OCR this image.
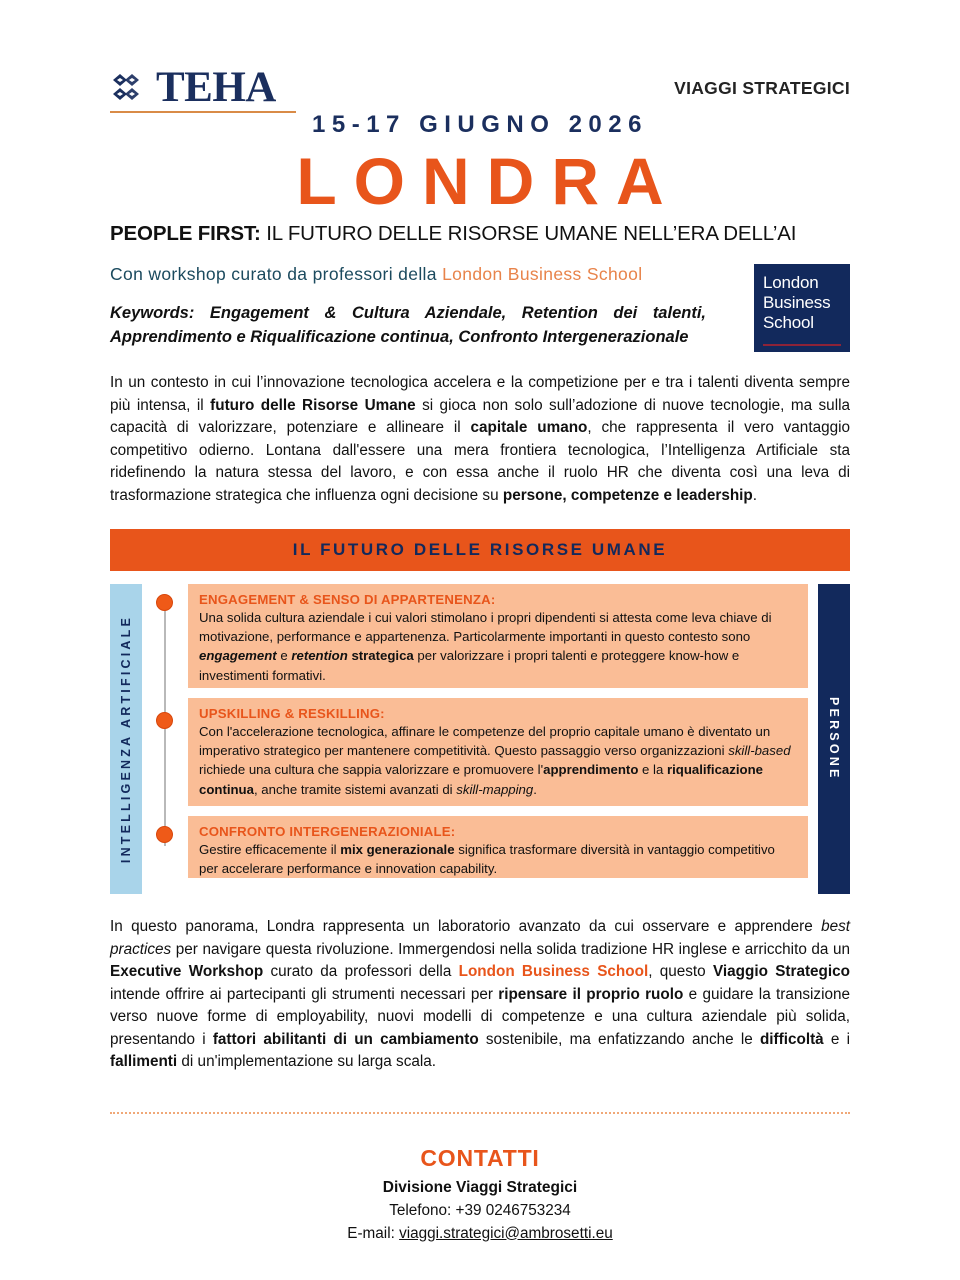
TEHA	VIAGGI STRATEGICI
15-17 GIUGNO 2026
LONDRA
PEOPLE FIRST: IL FUTURO DELLE RISORSE UMANE NELL’ERA DELL’AI
Con workshop curato da professori della London Business School
Keywords: Engagement & Cultura Aziendale, Retention dei talenti, Apprendimento e Riqualificazione continua, Confronto Intergenerazionale
London
Business
School
In un contesto in cui l’innovazione tecnologica accelera e la competizione per e tra i talenti diventa sempre più intensa, il futuro delle Risorse Umane si gioca non solo sull’adozione di nuove tecnologie, ma sulla capacità di valorizzare, potenziare e allineare il capitale umano, che rappresenta il vero vantaggio competitivo odierno. Lontana dall'essere una mera frontiera tecnologica, l’Intelligenza Artificiale sta ridefinendo la natura stessa del lavoro, e con essa anche il ruolo HR che diventa così una leva di trasformazione strategica che influenza ogni decisione su persone, competenze e leadership.
IL FUTURO DELLE RISORSE UMANE
INTELLIGENZA ARTIFICIALE
ENGAGEMENT & SENSO DI APPARTENENZA:
Una solida cultura aziendale i cui valori stimolano i propri dipendenti si attesta come leva chiave di motivazione, performance e appartenenza. Particolarmente importanti in questo contesto sono engagement e retention strategica per valorizzare i propri talenti e proteggere know-how e investimenti formativi.
UPSKILLING & RESKILLING:
Con l'accelerazione tecnologica, affinare le competenze del proprio capitale umano è diventato un imperativo strategico per mantenere competitività. Questo passaggio verso organizzazioni skill-based richiede una cultura che sappia valorizzare e promuovere l'apprendimento e la riqualificazione continua, anche tramite sistemi avanzati di skill-mapping.
CONFRONTO INTERGENERAZIONIALE:
Gestire efficacemente il mix generazionale significa trasformare diversità in vantaggio competitivo per accelerare performance e innovation capability.
PERSONE
In questo panorama, Londra rappresenta un laboratorio avanzato da cui osservare e apprendere best practices per navigare questa rivoluzione. Immergendosi nella solida tradizione HR inglese e arricchito da un Executive Workshop curato da professori della London Business School, questo Viaggio Strategico intende offrire ai partecipanti gli strumenti necessari per ripensare il proprio ruolo e guidare la transizione verso nuove forme di employability, nuovi modelli di competenze e una cultura aziendale più solida, presentando i fattori abilitanti di un cambiamento sostenibile, ma enfatizzando anche le difficoltà e i fallimenti di un'implementazione su larga scala.
CONTATTI
Divisione Viaggi Strategici
Telefono: +39 0246753234
E-mail: viaggi.strategici@ambrosetti.eu
